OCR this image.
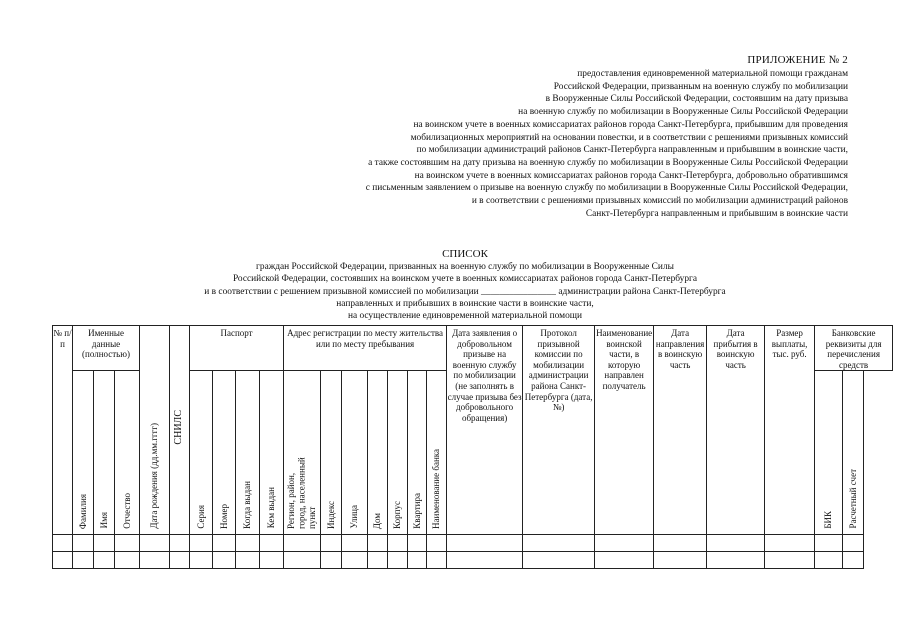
ПРИЛОЖЕНИЕ № 2
предоставления единовременной материальной помощи гражданам
Российской Федерации, призванным на военную службу по мобилизации
в Вооруженные Силы Российской Федерации, состоявшим на дату призыва
на военную службу по мобилизации в Вооруженные Силы Российской Федерации
на воинском учете в военных комиссариатах районов города Санкт-Петербурга, прибывшим для проведения
мобилизационных мероприятий на основании повестки, и в соответствии с решениями призывных комиссий
по мобилизации администраций районов Санкт-Петербурга направленным и прибывшим в воинские части,
а также состоявшим на дату призыва на военную службу по мобилизации в Вооруженные Силы Российской Федерации
на воинском учете в военных комиссариатах районов города Санкт-Петербурга, добровольно обратившимся
с письменным заявлением о призыве на военную службу по мобилизации в Вооруженные Силы Российской Федерации,
и в соответствии с решениями призывных комиссий по мобилизации администраций районов
Санкт-Петербурга направленным и прибывшим в воинские части
СПИСОК
граждан Российской Федерации, призванных на военную службу по мобилизации в Вооруженные Силы
Российской Федерации, состоявших на воинском учете в военных комиссариатах районов города Санкт-Петербурга
и в соответствии с решением призывной комиссией по мобилизации ________________ администрации района Санкт-Петербурга
направленных и прибывших в воинские части в воинские части,
на осуществление единовременной материальной помощи
№ п/п	Именные данные (полностью)			Дата рождения (дд.мм.гггг)	СНИЛС	Паспорт				Адрес регистрации по месту жительства или по месту пребывания							Дата заявления о добровольном призыве на военную службу по мобилизации (не заполнять в случае призыва без добровольного обращения)	Протокол призывной комиссии по мобилизации администрации района Санкт-Петербурга (дата, №)	Наименование воинской части, в которую направлен получатель	Дата направления в воинскую часть	Дата прибытия в воинскую часть	Размер выплаты, тыс. руб.	Банковские реквизиты для перечисления средств	
	Фамилия	Имя	Отчество			Серия	Номер	Когда выдан	Кем выдан	Регион, район, город, населенный пункт	Индекс	Улица	Дом	Корпус	Квартира	Наименование банка							БИК	Расчетный счет
